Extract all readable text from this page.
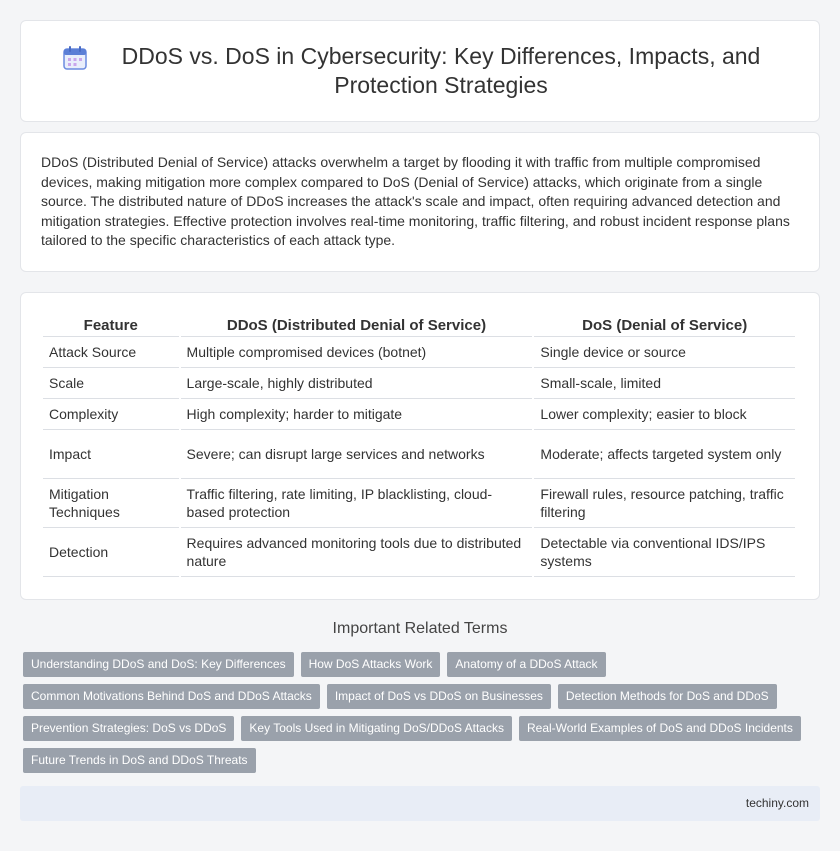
DDoS vs. DoS in Cybersecurity: Key Differences, Impacts, and Protection Strategies

DDoS (Distributed Denial of Service) attacks overwhelm a target by flooding it with traffic from multiple compromised devices, making mitigation more complex compared to DoS (Denial of Service) attacks, which originate from a single source. The distributed nature of DDoS increases the attack's scale and impact, often requiring advanced detection and mitigation strategies. Effective protection involves real-time monitoring, traffic filtering, and robust incident response plans tailored to the specific characteristics of each attack type.

Feature	DDoS (Distributed Denial of Service)	DoS (Denial of Service)
Attack Source	Multiple compromised devices (botnet)	Single device or source
Scale	Large-scale, highly distributed	Small-scale, limited
Complexity	High complexity; harder to mitigate	Lower complexity; easier to block
Impact	Severe; can disrupt large services and networks	Moderate; affects targeted system only
Mitigation Techniques	Traffic filtering, rate limiting, IP blacklisting, cloud-based protection	Firewall rules, resource patching, traffic filtering
Detection	Requires advanced monitoring tools due to distributed nature	Detectable via conventional IDS/IPS systems
Important Related Terms
Understanding DDoS and DoS: Key Differences	How DoS Attacks Work	Anatomy of a DDoS Attack
Common Motivations Behind DoS and DDoS Attacks	Impact of DoS vs DDoS on Businesses	Detection Methods for DoS and DDoS
Prevention Strategies: DoS vs DDoS	Key Tools Used in Mitigating DoS/DDoS Attacks	Real-World Examples of DoS and DDoS Incidents
Future Trends in DoS and DDoS Threats
techiny.com
